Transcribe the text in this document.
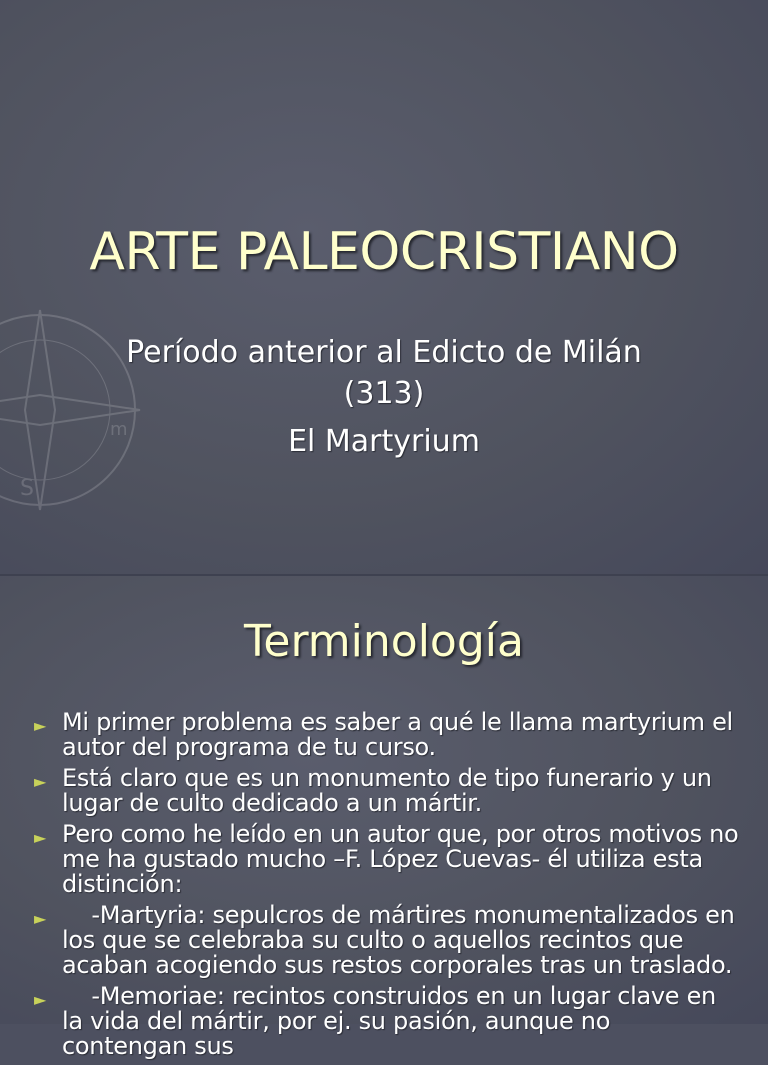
S
m
ARTE PALEOCRISTIANO
Período anterior al Edicto de Milán
(313)
El Martyrium
Terminología
► Mi primer problema es saber a qué le llama martyrium el autor del programa de tu curso.
► Está claro que es un monumento de tipo funerario y un lugar de culto dedicado a un mártir.
► Pero como he leído en un autor que, por otros motivos no me ha gustado mucho –F. López Cuevas- él utiliza esta distinción:
► -Martyria: sepulcros de mártires monumentalizados en los que se celebraba su culto o aquellos recintos que acaban acogiendo sus restos corporales tras un traslado.
► -Memoriae: recintos construidos en un lugar clave en la vida del mártir, por ej. su pasión, aunque no contengan sus
